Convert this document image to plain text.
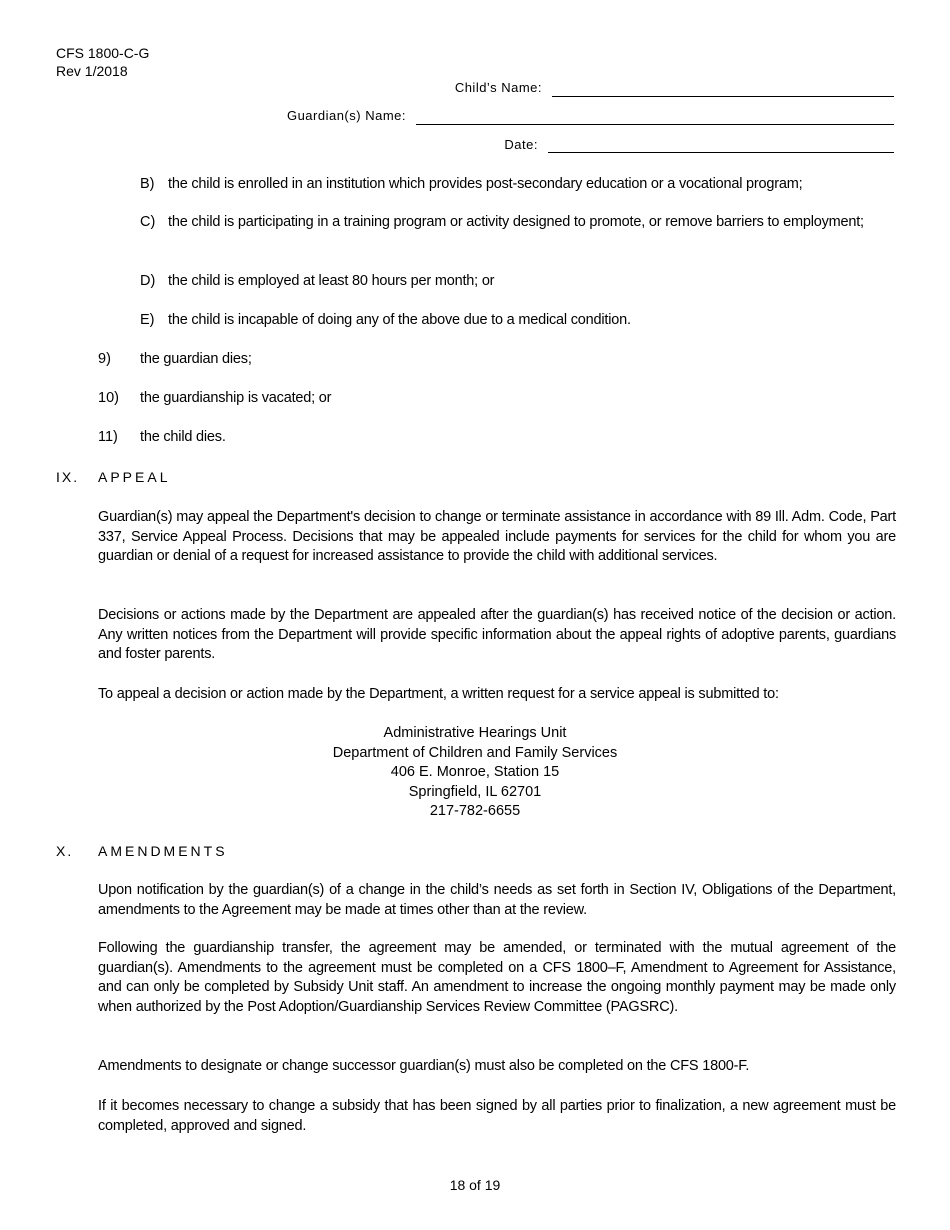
CFS 1800-C-G
Rev 1/2018
Child’s Name:
Guardian(s) Name:
Date:
B) the child is enrolled in an institution which provides post-secondary education or a vocational program;
C) the child is participating in a training program or activity designed to promote, or remove barriers to employment;
D) the child is employed at least 80 hours per month; or
E) the child is incapable of doing any of the above due to a medical condition.
9) the guardian dies;
10) the guardianship is vacated; or
11) the child dies.
IX. APPEAL
Guardian(s) may appeal the Department's decision to change or terminate assistance in accordance with 89 Ill. Adm. Code, Part 337, Service Appeal Process. Decisions that may be appealed include payments for services for the child for whom you are guardian or denial of a request for increased assistance to provide the child with additional services.
Decisions or actions made by the Department are appealed after the guardian(s) has received notice of the decision or action. Any written notices from the Department will provide specific information about the appeal rights of adoptive parents, guardians and foster parents.
To appeal a decision or action made by the Department, a written request for a service appeal is submitted to:
Administrative Hearings Unit
Department of Children and Family Services
406 E. Monroe, Station 15
Springfield, IL 62701
217-782-6655
X. AMENDMENTS
Upon notification by the guardian(s) of a change in the child’s needs as set forth in Section IV, Obligations of the Department, amendments to the Agreement may be made at times other than at the review.
Following the guardianship transfer, the agreement may be amended, or terminated with the mutual agreement of the guardian(s). Amendments to the agreement must be completed on a CFS 1800–F, Amendment to Agreement for Assistance, and can only be completed by Subsidy Unit staff. An amendment to increase the ongoing monthly payment may be made only when authorized by the Post Adoption/Guardianship Services Review Committee (PAGSRC).
Amendments to designate or change successor guardian(s) must also be completed on the CFS 1800-F.
If it becomes necessary to change a subsidy that has been signed by all parties prior to finalization, a new agreement must be completed, approved and signed.
18 of 19
